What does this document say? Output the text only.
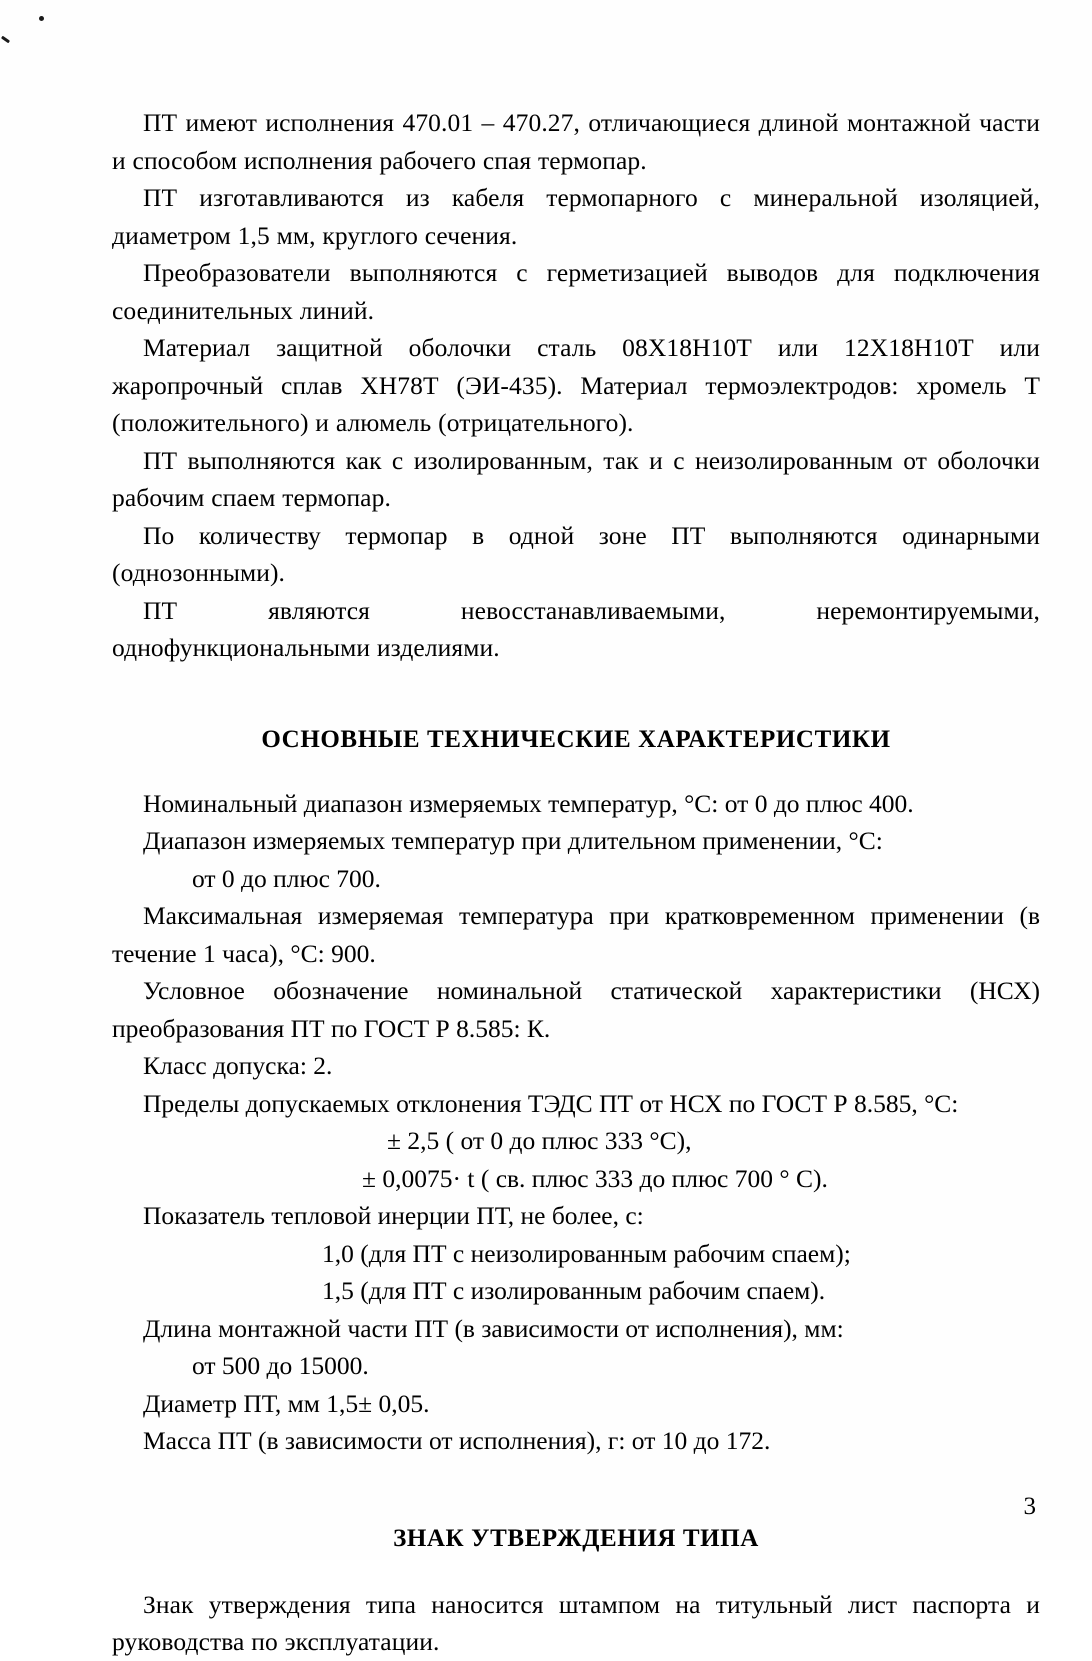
ПТ имеют исполнения 470.01 – 470.27, отличающиеся длиной монтажной части и способом исполнения рабочего спая термопар.

ПТ изготавливаются из кабеля термопарного с минеральной изоляцией, диаметром 1,5 мм, круглого сечения.

Преобразователи выполняются с герметизацией выводов для подключения соединительных линий.

Материал защитной оболочки сталь 08Х18Н10Т или 12Х18Н10Т или жаропрочный сплав ХН78Т (ЭИ-435). Материал термоэлектродов: хромель Т (положительного) и алюмель (отрицательного).

ПТ выполняются как с изолированным, так и с неизолированным от оболочки рабочим спаем термопар.

По количеству термопар в одной зоне ПТ выполняются одинарными (однозонными).

ПТ являются невосстанавливаемыми, неремонтируемыми, однофункциональными изделиями.

ОСНОВНЫЕ ТЕХНИЧЕСКИЕ ХАРАКТЕРИСТИКИ
Номинальный диапазон измеряемых температур, °С: от 0 до плюс 400.
Диапазон измеряемых температур при длительном применении, °С:
от 0 до плюс 700.
Максимальная измеряемая температура при кратковременном применении (в течение 1 часа), °С: 900.
Условное обозначение номинальной статической характеристики (НСХ) преобразования ПТ по ГОСТ Р 8.585: К.
Класс допуска: 2.
Пределы допускаемых отклонения ТЭДС ПТ от НСХ по ГОСТ Р 8.585, °С:
± 2,5 ( от 0 до плюс 333 °С),
± 0,0075· t ( св. плюс 333 до плюс 700 ° С).
Показатель тепловой инерции ПТ, не более, с:
1,0 (для ПТ с неизолированным рабочим спаем);
1,5 (для ПТ с изолированным рабочим спаем).
Длина монтажной части ПТ (в зависимости от исполнения), мм:
от 500 до 15000.
Диаметр ПТ, мм 1,5± 0,05.
Масса ПТ (в зависимости от исполнения), г: от 10 до 172.
ЗНАК УТВЕРЖДЕНИЯ ТИПА

Знак утверждения типа наносится штампом на титульный лист паспорта и руководства по эксплуатации.

3
